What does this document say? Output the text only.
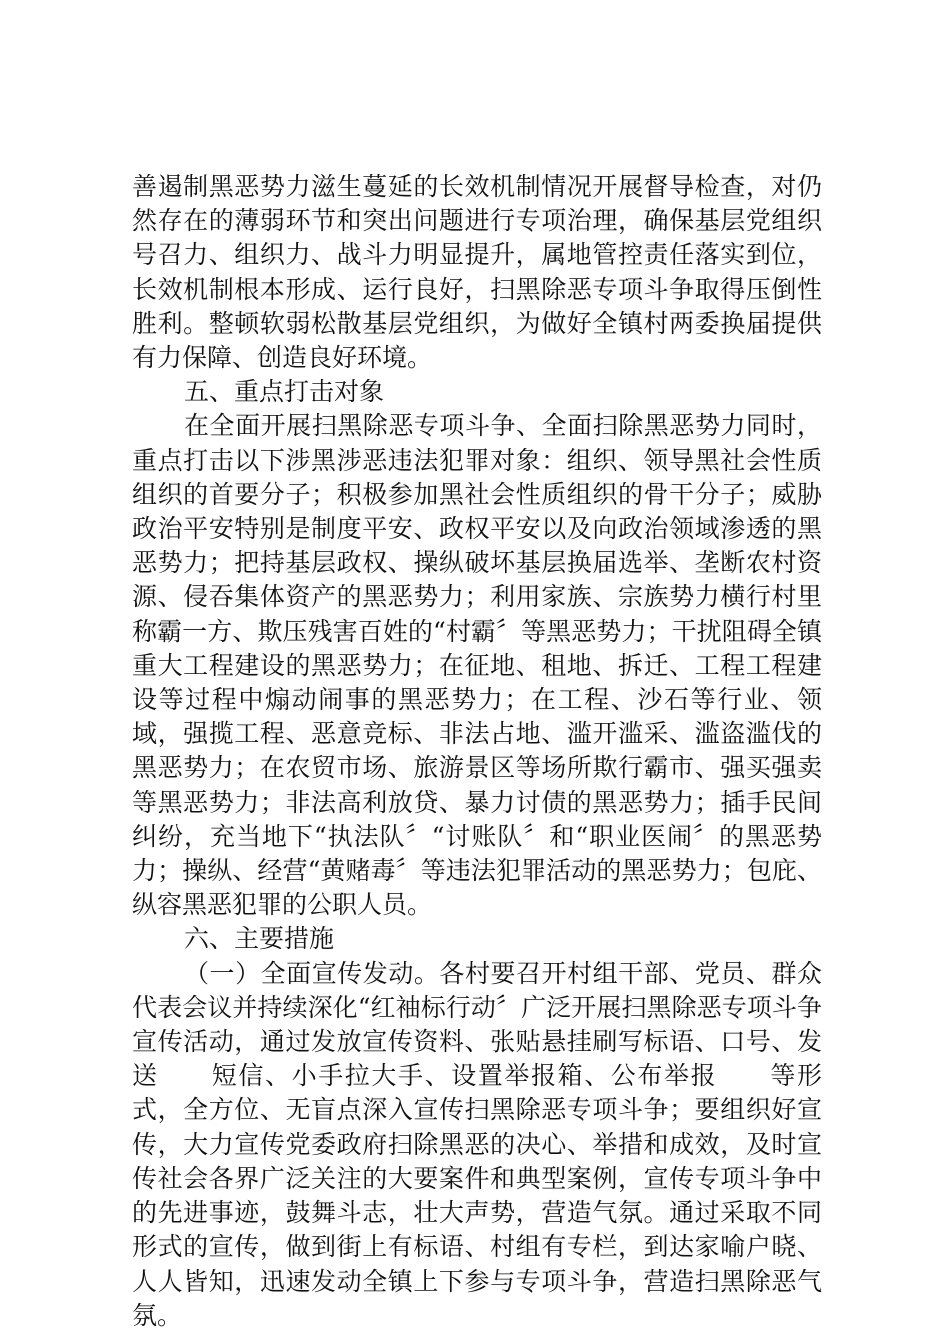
善遏制黑恶势力滋生蔓延的长效机制情况开展督导检查，对仍然存在的薄弱环节和突出问题进行专项治理，确保基层党组织号召力、组织力、战斗力明显提升，属地管控责任落实到位，长效机制根本形成、运行良好，扫黑除恶专项斗争取得压倒性胜利。整顿软弱松散基层党组织，为做好全镇村两委换届提供有力保障、创造良好环境。

五、重点打击对象

在全面开展扫黑除恶专项斗争、全面扫除黑恶势力同时，重点打击以下涉黑涉恶违法犯罪对象：组织、领导黑社会性质组织的首要分子；积极参加黑社会性质组织的骨干分子；威胁政治平安特别是制度平安、政权平安以及向政治领域渗透的黑恶势力；把持基层政权、操纵破坏基层换届选举、垄断农村资源、侵吞集体资产的黑恶势力；利用家族、宗族势力横行村里称霸一方、欺压残害百姓的“村霸〞等黑恶势力；干扰阻碍全镇重大工程建设的黑恶势力；在征地、租地、拆迁、工程工程建设等过程中煽动闹事的黑恶势力；在工程、沙石等行业、领域，强揽工程、恶意竞标、非法占地、滥开滥采、滥盗滥伐的黑恶势力；在农贸市场、旅游景区等场所欺行霸市、强买强卖等黑恶势力；非法高利放贷、暴力讨债的黑恶势力；插手民间纠纷，充当地下“执法队〞“讨账队〞和“职业医闹〞的黑恶势力；操纵、经营“黄赌毒〞等违法犯罪活动的黑恶势力；包庇、纵容黑恶犯罪的公职人员。

六、主要措施

（一）全面宣传发动。各村要召开村组干部、党员、群众代表会议并持续深化“红袖标行动〞广泛开展扫黑除恶专项斗争宣传活动，通过发放宣传资料、张贴悬挂刷写标语、口号、发送　　短信、小手拉大手、设置举报箱、公布举报　　等形式，全方位、无盲点深入宣传扫黑除恶专项斗争；要组织好宣传，大力宣传党委政府扫除黑恶的决心、举措和成效，及时宣传社会各界广泛关注的大要案件和典型案例，宣传专项斗争中的先进事迹，鼓舞斗志，壮大声势，营造气氛。通过采取不同形式的宣传，做到街上有标语、村组有专栏，到达家喻户晓、人人皆知，迅速发动全镇上下参与专项斗争，营造扫黑除恶气氛。
